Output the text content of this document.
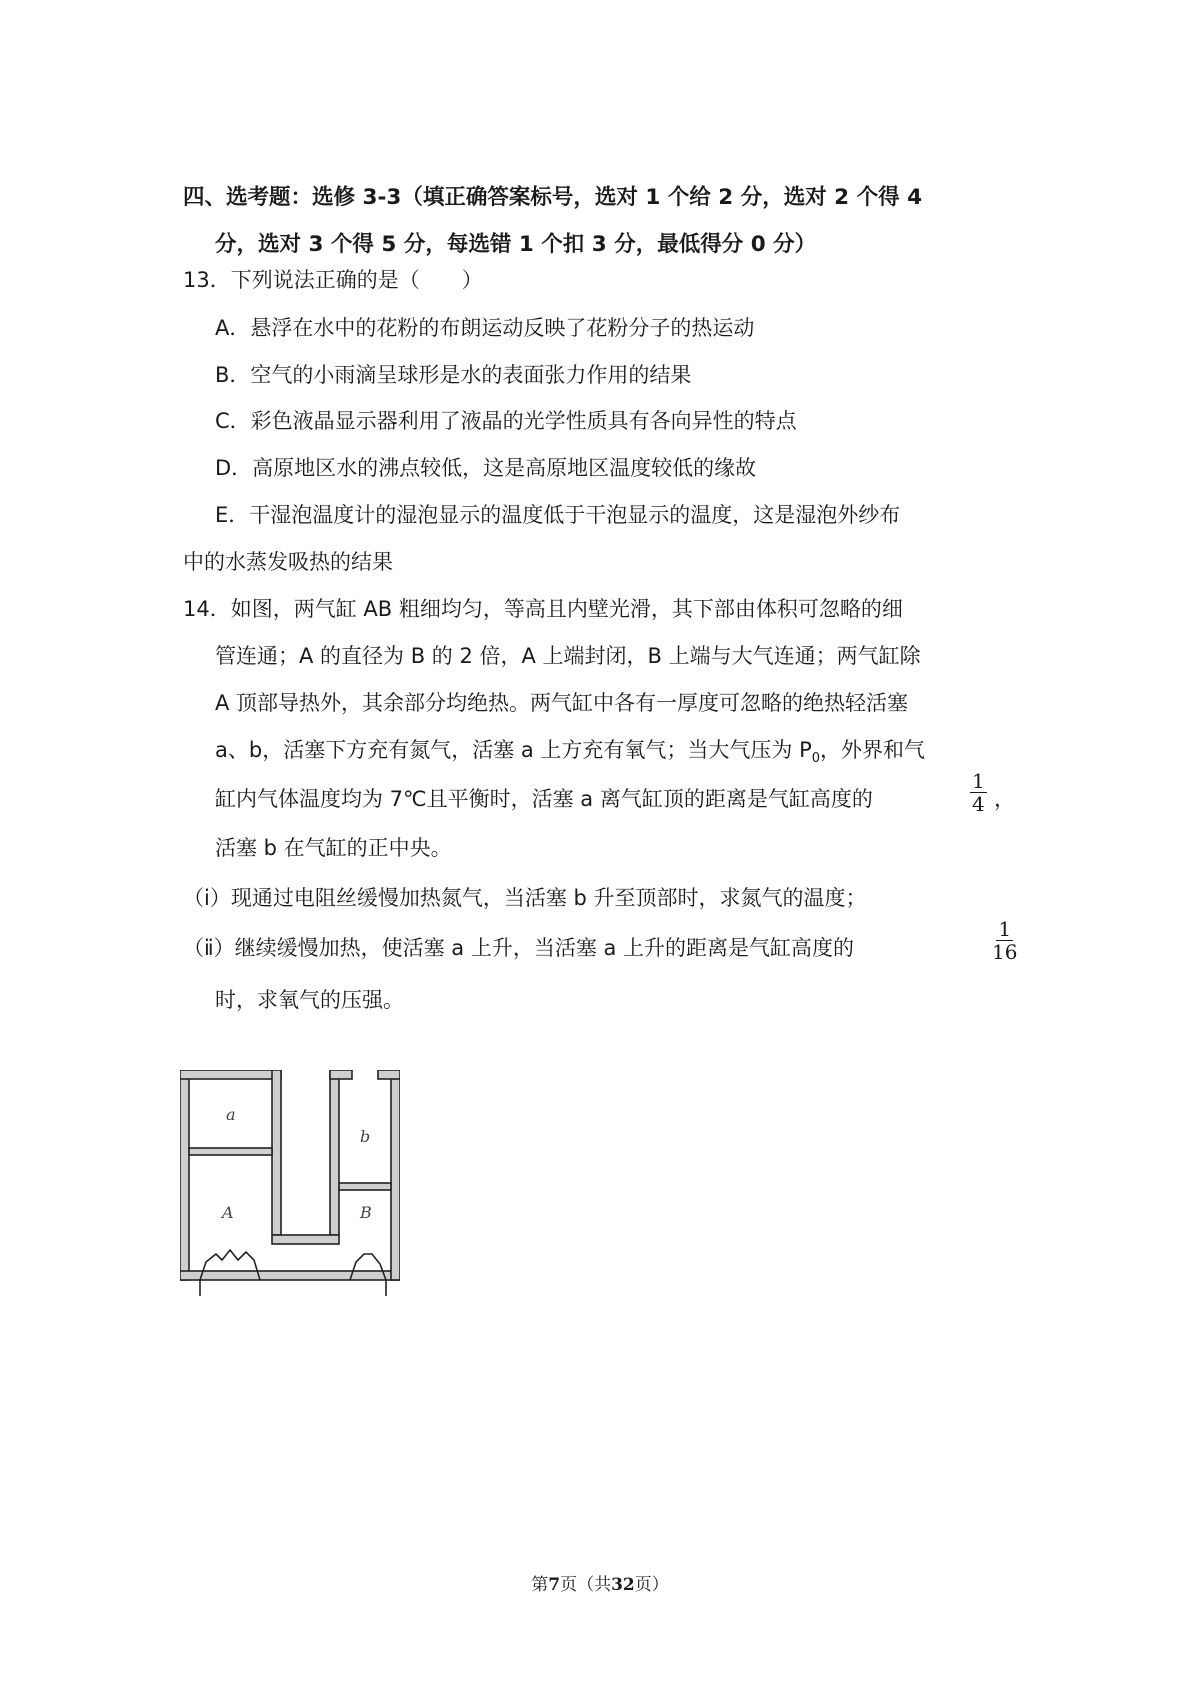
四、选考题：选修 3-3（填正确答案标号，选对 1 个给 2 分，选对 2 个得 4
分，选对 3 个得 5 分，每选错 1 个扣 3 分，最低得分 0 分）
13．下列说法正确的是（　　）
A．悬浮在水中的花粉的布朗运动反映了花粉分子的热运动
B．空气的小雨滴呈球形是水的表面张力作用的结果
C．彩色液晶显示器利用了液晶的光学性质具有各向异性的特点
D．高原地区水的沸点较低，这是高原地区温度较低的缘故
E．干湿泡温度计的湿泡显示的温度低于干泡显示的温度，这是湿泡外纱布
中的水蒸发吸热的结果
14．如图，两气缸 AB 粗细均匀，等高且内壁光滑，其下部由体积可忽略的细
管连通；A 的直径为 B 的 2 倍，A 上端封闭，B 上端与大气连通；两气缸除
A 顶部导热外，其余部分均绝热。两气缸中各有一厚度可忽略的绝热轻活塞
a、b，活塞下方充有氮气，活塞 a 上方充有氧气；当大气压为 $P_0$，外界和气
缸内气体温度均为 7℃且平衡时，活塞 a 离气缸顶的距离是气缸高度的	$\frac{1}{4}$ ，
活塞 b 在气缸的正中央。
（ⅰ）现通过电阻丝缓慢加热氮气，当活塞 b 升至顶部时，求氮气的温度；
（ⅱ）继续缓慢加热，使活塞 a 上升，当活塞 a 上升的距离是气缸高度的	$\frac{1}{16}$
时，求氧气的压强。
a
b
A	B
第7页（共32页）
